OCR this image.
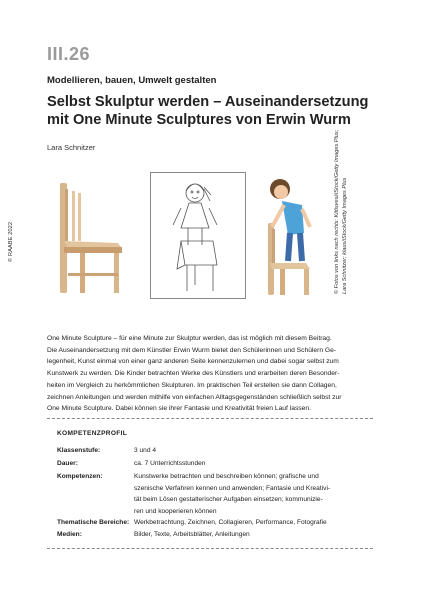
III.26
Modellieren, bauen, Umwelt gestalten
Selbst Skulptur werden – Auseinandersetzung
mit One Minute Sculptures von Erwin Wurm
Lara Schnitzer
© RAABE 2022	© Fotos von links nach rechts: Kittisvesi/iStock/Getty Images Plus; Lara Schnitzer; klaus/iStock/Getty Images Plus
One Minute Sculpture – für eine Minute zur Skulptur werden, das ist möglich mit diesem Beitrag.
Die Auseinandersetzung mit dem Künstler Erwin Wurm bietet den Schülerinnen und Schülern Ge-
legenheit, Kunst einmal von einer ganz anderen Seite kennenzulernen und dabei sogar selbst zum
Kunstwerk zu werden. Die Kinder betrachten Werke des Künstlers und erarbeiten deren Besonder-
heiten im Vergleich zu herkömmlichen Skulpturen. Im praktischen Teil erstellen sie dann Collagen,
zeichnen Anleitungen und werden mithilfe von einfachen Alltagsgegenständen schließlich selbst zur
One Minute Sculpture. Dabei können sie ihrer Fantasie und Kreativität freien Lauf lassen.
KOMPETENZPROFIL
Klassenstufe:	3 und 4
Dauer:	ca. 7 Unterrichtsstunden
Kompetenzen:	Kunstwerke betrachten und beschreiben können; grafische und
szenische Verfahren kennen und anwenden; Fantasie und Kreativi-
tät beim Lösen gestalterischer Aufgaben einsetzen; kommunizie-
ren und kooperieren können
Thematische Bereiche: Werkbetrachtung, Zeichnen, Collagieren, Performance, Fotografie
Medien:	Bilder, Texte, Arbeitsblätter, Anleitungen
